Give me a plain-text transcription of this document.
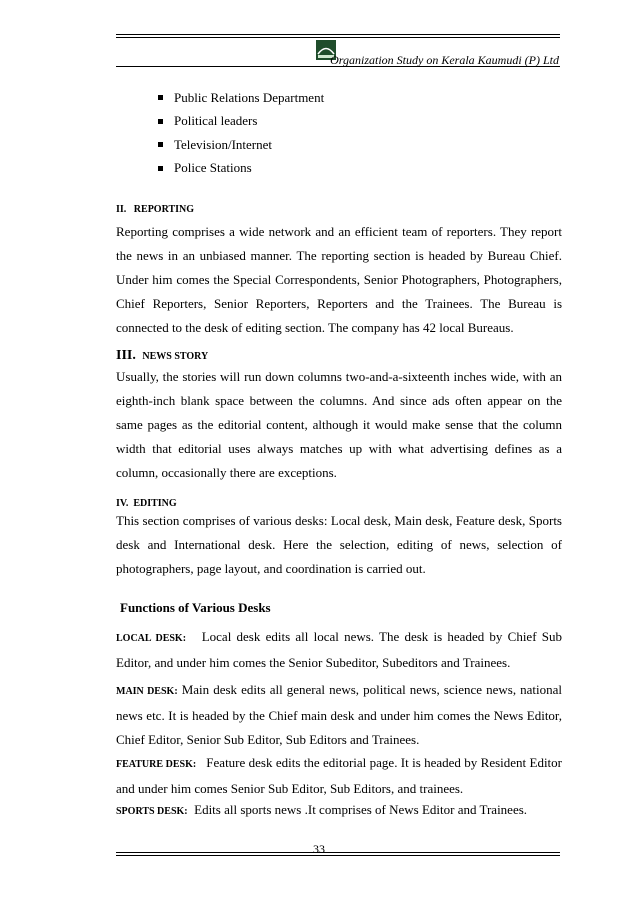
Organization Study on Kerala Kaumudi (P) Ltd
Public Relations Department
Political leaders
Television/Internet
Police Stations
II. REPORTING
Reporting comprises a wide network and an efficient team of reporters. They report the news in an unbiased manner. The reporting section is headed by Bureau Chief. Under him comes the Special Correspondents, Senior Photographers, Photographers, Chief Reporters, Senior Reporters, Reporters and the Trainees. The Bureau is connected to the desk of editing section. The company has 42 local Bureaus.
III. NEWS STORY
Usually, the stories will run down columns two-and-a-sixteenth inches wide, with an eighth-inch blank space between the columns. And since ads often appear on the same pages as the editorial content, although it would make sense that the column width that editorial uses always matches up with what advertising defines as a column, occasionally there are exceptions.
IV. EDITING
This section comprises of various desks: Local desk, Main desk, Feature desk, Sports desk and International desk. Here the selection, editing of news, selection of photographers, page layout, and coordination is carried out.
Functions of Various Desks
LOCAL DESK: Local desk edits all local news. The desk is headed by Chief Sub Editor, and under him comes the Senior Subeditor, Subeditors and Trainees.
MAIN DESK: Main desk edits all general news, political news, science news, national news etc. It is headed by the Chief main desk and under him comes the News Editor, Chief Editor, Senior Sub Editor, Sub Editors and Trainees.
FEATURE DESK: Feature desk edits the editorial page. It is headed by Resident Editor and under him comes Senior Sub Editor, Sub Editors, and trainees.
SPORTS DESK: Edits all sports news .It comprises of News Editor and Trainees.
33
